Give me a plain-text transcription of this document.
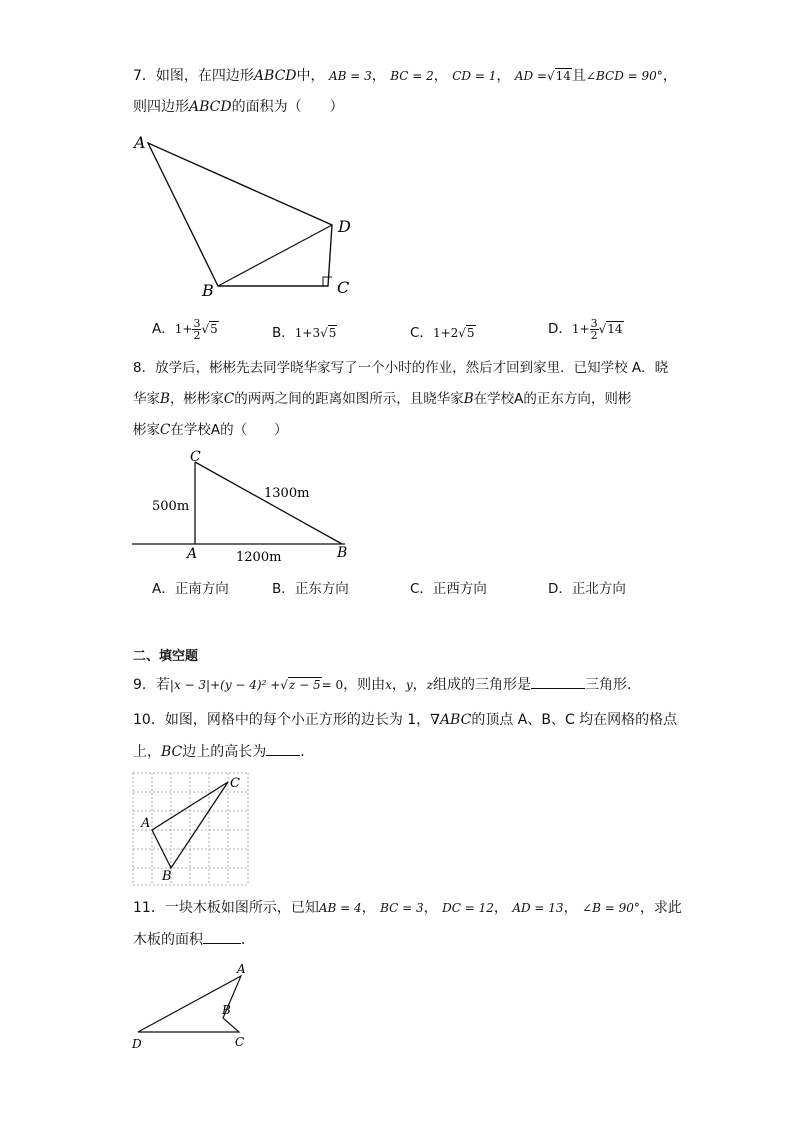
7．如图，在四边形ABCD中， AB = 3， BC = 2， CD = 1， AD =√14且∠BCD = 90°，
则四边形ABCD的面积为（　　）
A
B	C
D
A．$1+ \frac{3}{2} √5$	B．1+3√5	C．1+2√5	D．$1+ \frac{3}{2} √14$
8．放学后，彬彬先去同学晓华家写了一个小时的作业，然后才回到家里．已知学校 A．晓
华家B，彬彬家C的两两之间的距离如图所示，且晓华家B在学校A的正东方向，则彬
彬家C在学校A的（　　）
C
A	B
500m
1300m
1200m
A．正南方向	B．正东方向	C．正西方向	D．正北方向
二、填空题
9．若|x − 3|+(y − 4)² +√z − 5= 0，则由x，y，z组成的三角形是	三角形．
10．如图，网格中的每个小正方形的边长为 1，∇ABC的顶点 A、B、C 均在网格的格点
上，BC边上的高长为 ．
A
B
C
11．一块木板如图所示，已知AB = 4， BC = 3， DC = 12， AD = 13， ∠B = 90°，求此
木板的面积	．
A
B
C
D
